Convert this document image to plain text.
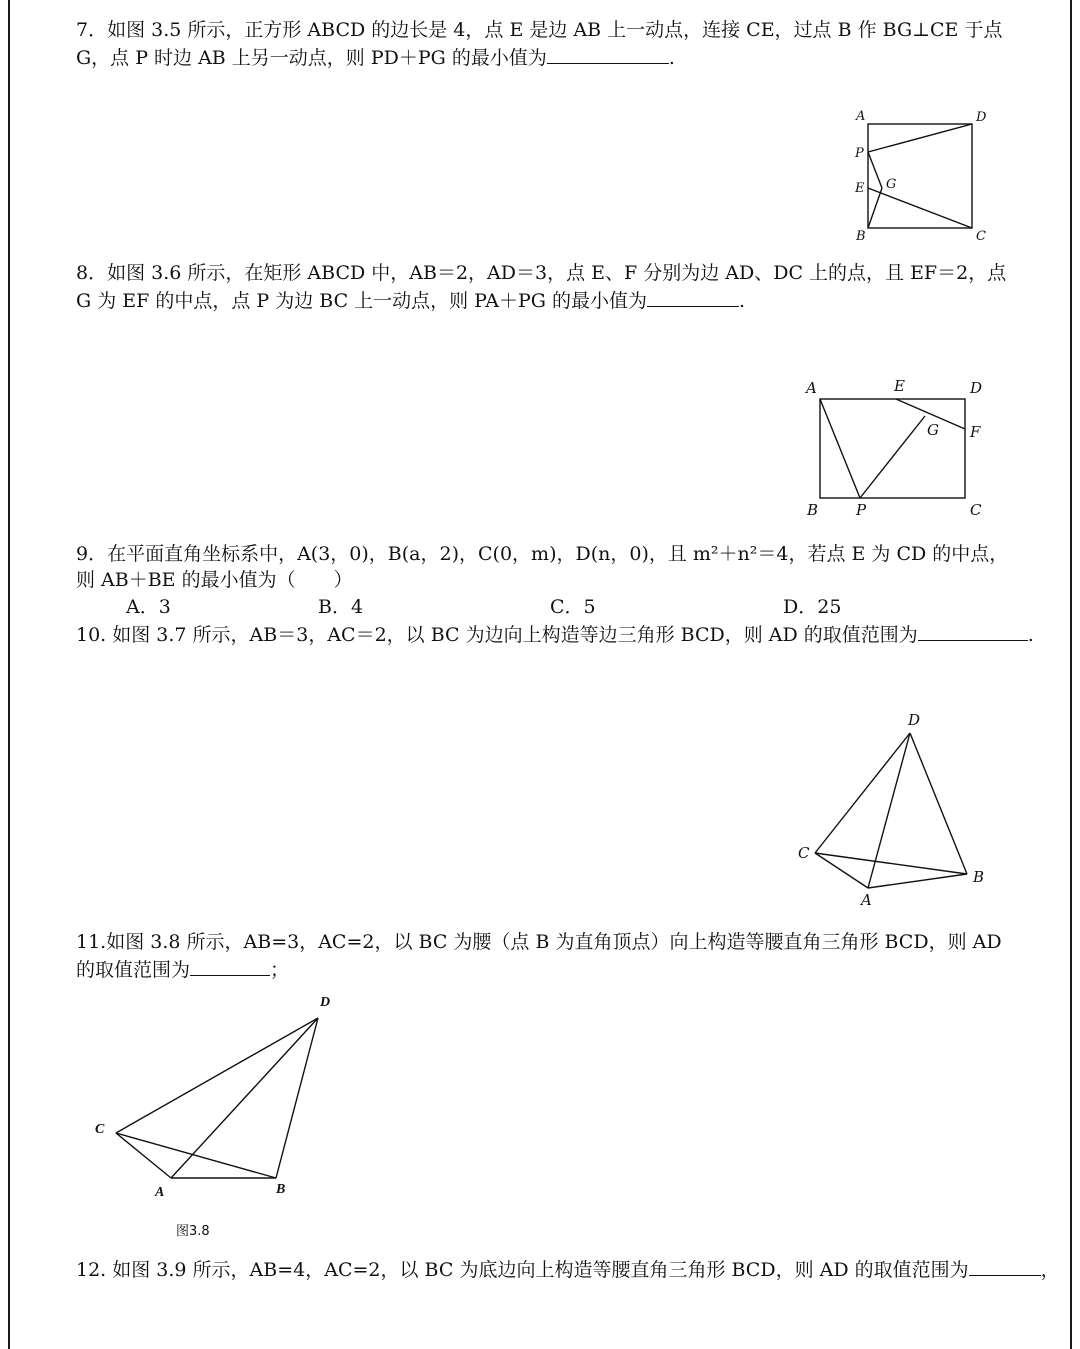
7．如图 3.5 所示，正方形 ABCD 的边长是 4，点 E 是边 AB 上一动点，连接 CE，过点 B 作 BG⊥CE 于点
G，点 P 时边 AB 上另一动点，则 PD＋PG 的最小值为	.
A	D
P
E G
B	C
8．如图 3.6 所示，在矩形 ABCD 中，AB＝2，AD＝3，点 E、F 分别为边 AD、DC 上的点，且 EF＝2，点
G 为 EF 的中点，点 P 为边 BC 上一动点，则 PA＋PG 的最小值为	.
A	E	D
G F
B	P	C
9．在平面直角坐标系中，A(3，0)，B(a，2)，C(0，m)，D(n，0)，且 m²＋n²＝4，若点 E 为 CD 的中点，
则 AB＋BE 的最小值为（　　）
A．3	B．4	C．5	D．25
10. 如图 3.7 所示，AB＝3，AC＝2，以 BC 为边向上构造等边三角形 BCD，则 AD 的取值范围为	.
D
C
B
A
11.如图 3.8 所示，AB=3，AC=2，以 BC 为腰（点 B 为直角顶点）向上构造等腰直角三角形 BCD，则 AD
的取值范围为	；
D
C
A	B
图3.8
12. 如图 3.9 所示，AB=4，AC=2，以 BC 为底边向上构造等腰直角三角形 BCD，则 AD 的取值范围为	，
